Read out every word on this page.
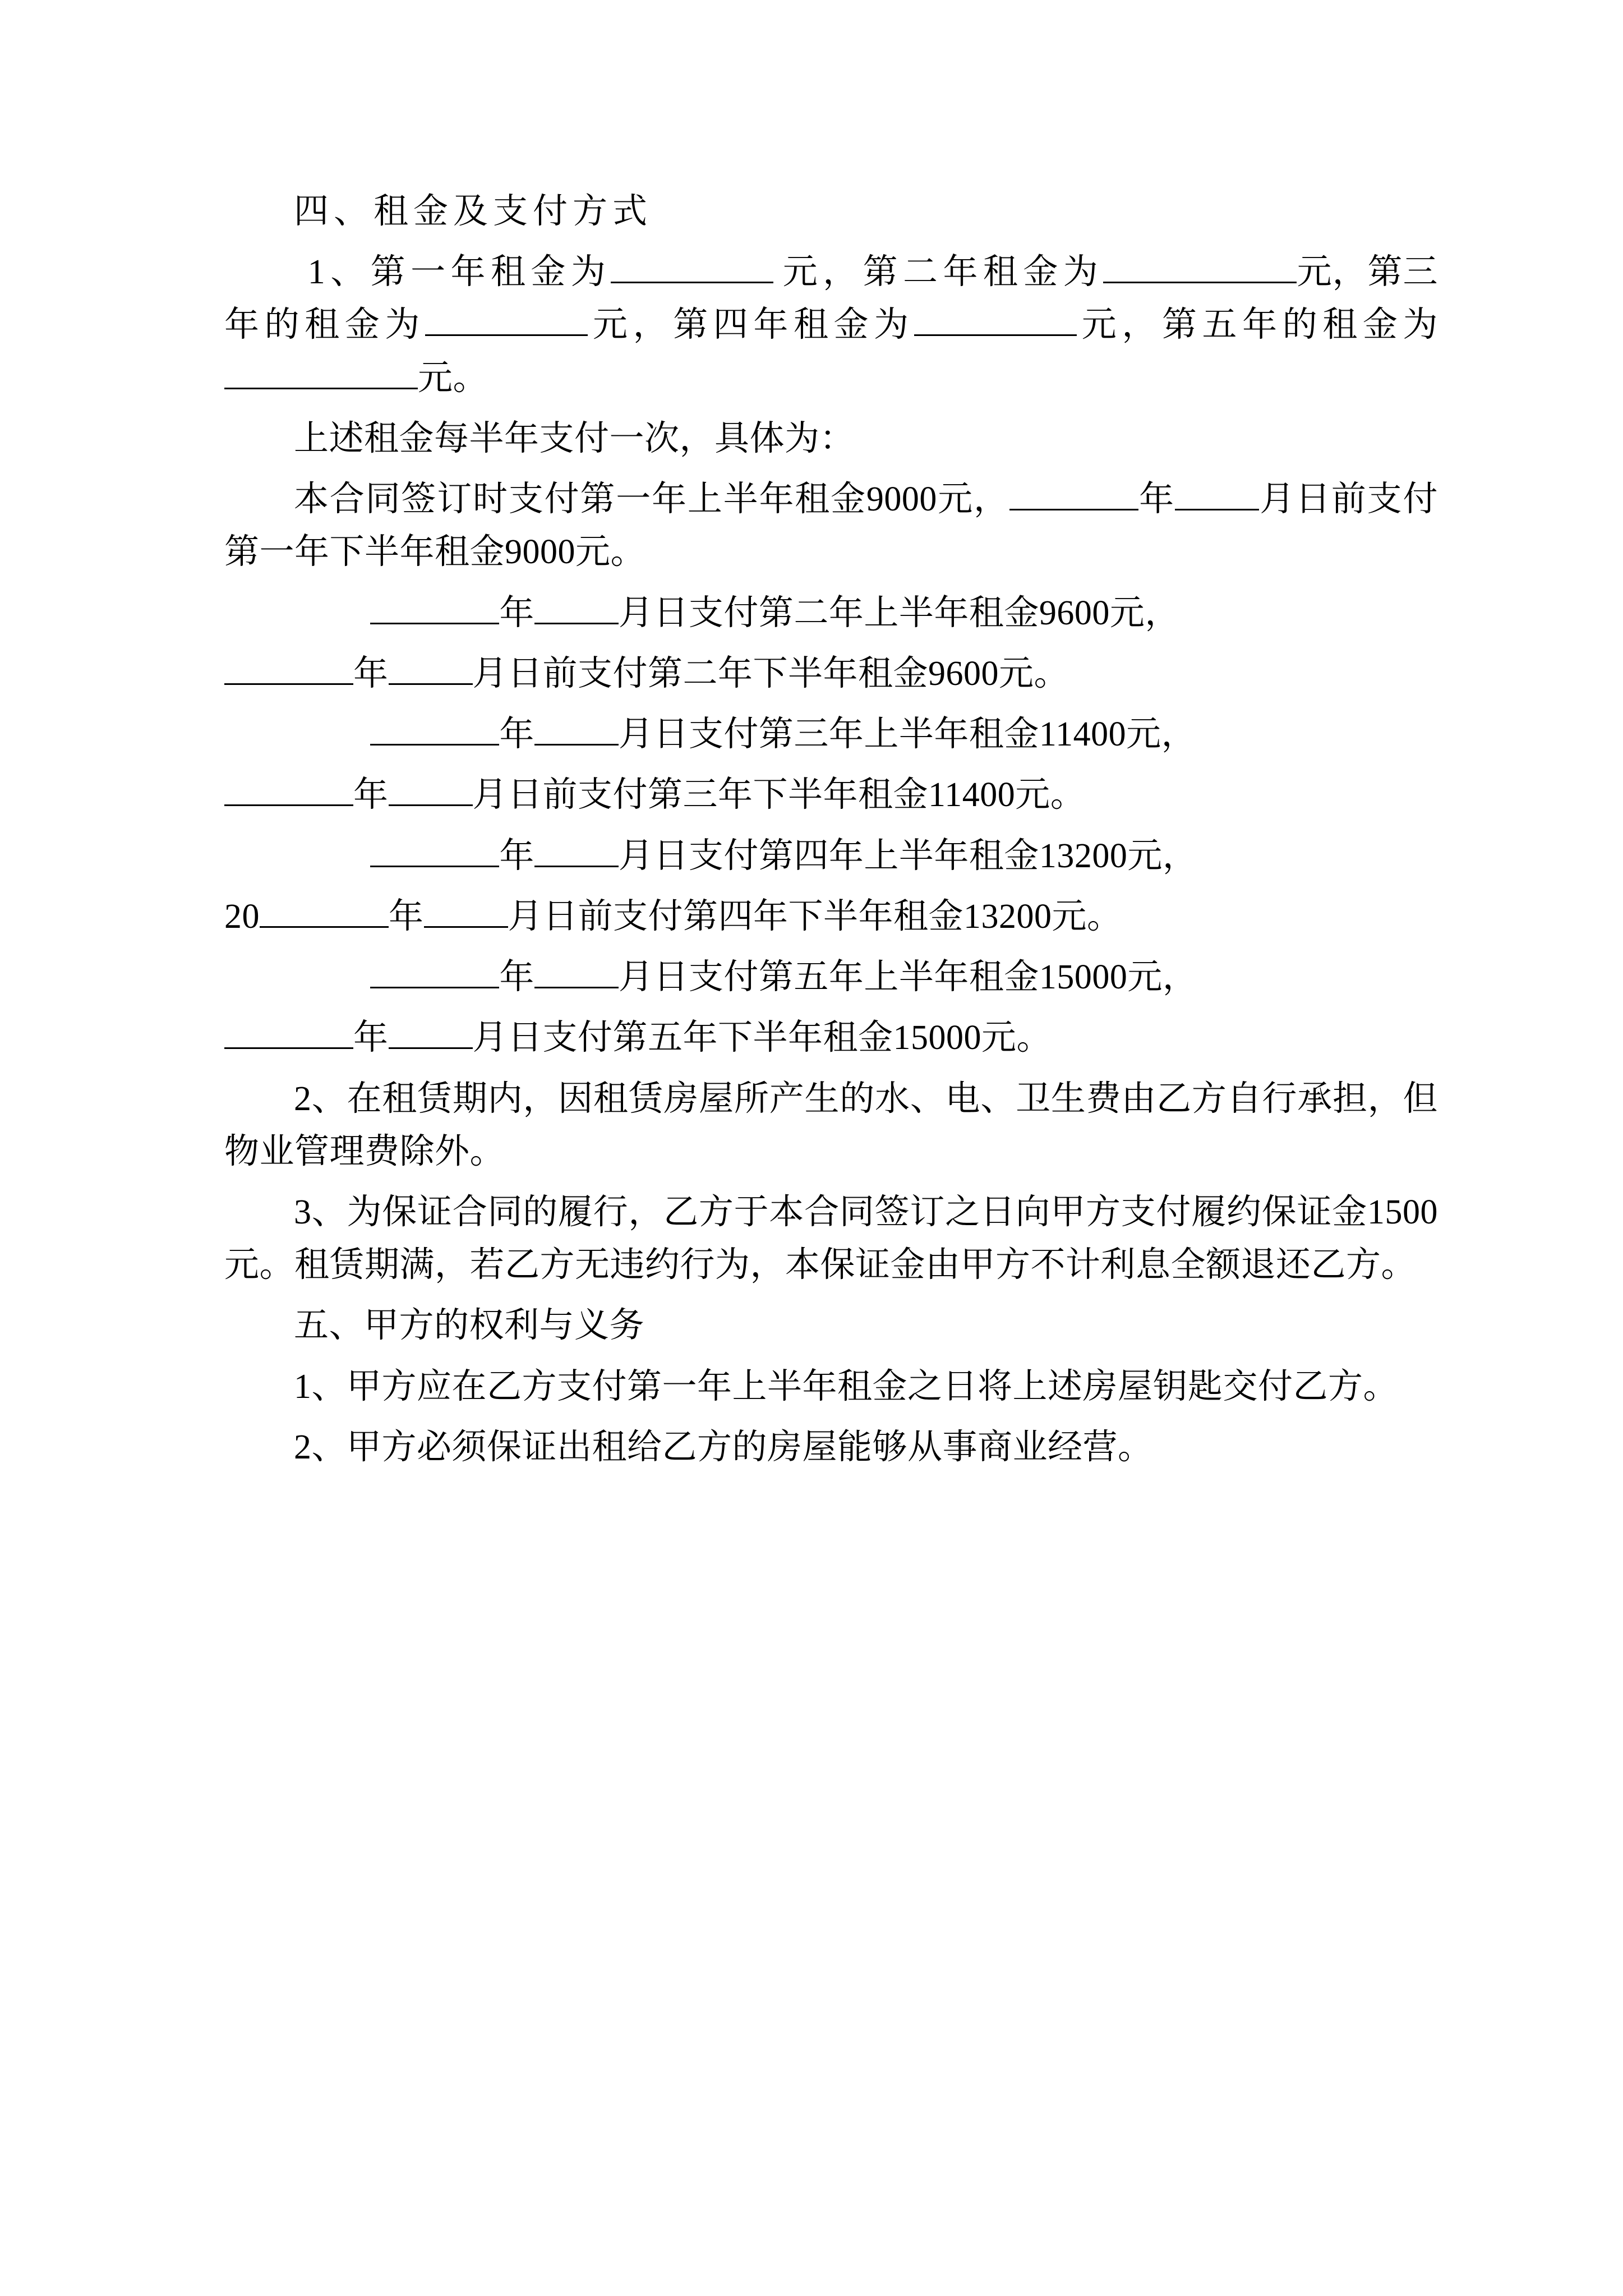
四、租金及支付方式

1、第一年租金为	元，第二年租金为	元，第三年的租金为	元，第四年租金为	元，第五年的租金为元。

上述租金每半年支付一次，具体为：

本合同签订时支付第一年上半年租金9000元，	年 月日前支付第一年下半年租金9000元。

年 月日支付第二年上半年租金9600元，

年 月日前支付第二年下半年租金9600元。

年 月日支付第三年上半年租金11400元，

年 月日前支付第三年下半年租金11400元。

年 月日支付第四年上半年租金13200元，

20	年 月日前支付第四年下半年租金13200元。

年 月日支付第五年上半年租金15000元，

年 月日支付第五年下半年租金15000元。

2、在租赁期内，因租赁房屋所产生的水、电、卫生费由乙方自行承担，但物业管理费除外。

3、为保证合同的履行，乙方于本合同签订之日向甲方支付履约保证金1500元。租赁期满，若乙方无违约行为，本保证金由甲方不计利息全额退还乙方。

五、甲方的权利与义务

1、甲方应在乙方支付第一年上半年租金之日将上述房屋钥匙交付乙方。

2、甲方必须保证出租给乙方的房屋能够从事商业经营。
